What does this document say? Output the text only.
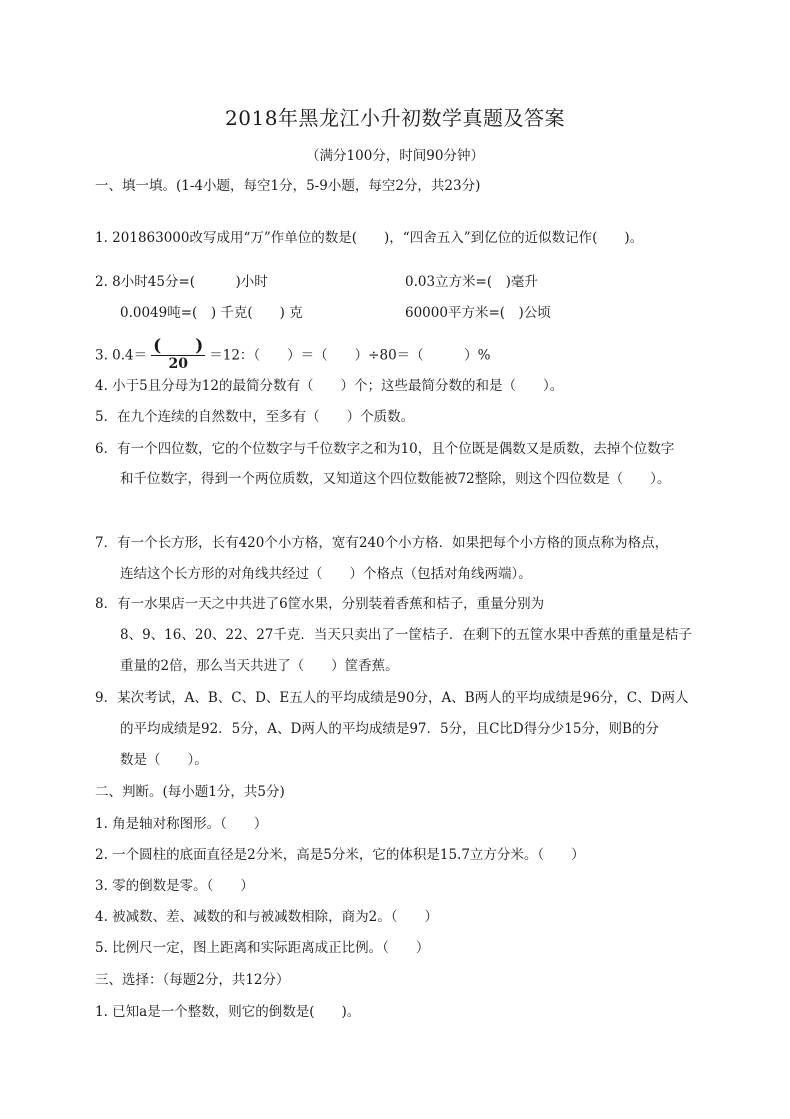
2018年黑龙江小升初数学真题及答案
（满分100分，时间90分钟）
一、填一填。(1-4小题，每空1分，5-9小题，每空2分，共23分)
1. 201863000改写成用“万”作单位的数是(　　)，“四舍五入”到亿位的近似数记作(　　)。
2. 8小时45分=(　　　)小时	0.03立方米=(　)毫升
0.0049吨=(　) 千克(　　) 克	60000平方米=(　)公顷
3. $0.4= \frac{( )}{20} =12$：（　　）＝（　　）÷80＝（　　　）%
4. 小于5且分母为12的最简分数有（　　）个；这些最简分数的和是（　　）。
5．在九个连续的自然数中，至多有（　　）个质数。
6．有一个四位数，它的个位数字与千位数字之和为10，且个位既是偶数又是质数，去掉个位数字
和千位数字，得到一个两位质数，又知道这个四位数能被72整除，则这个四位数是（　　）。
7．有一个长方形，长有420个小方格，宽有240个小方格．如果把每个小方格的顶点称为格点，
连结这个长方形的对角线共经过（　　）个格点（包括对角线两端）。
8．有一水果店一天之中共进了6筐水果，分别装着香蕉和桔子，重量分别为
8、9、16、20、22、27千克．当天只卖出了一筐桔子．在剩下的五筐水果中香蕉的重量是桔子
重量的2倍，那么当天共进了（　　）筐香蕉。
9．某次考试，A、B、C、D、E五人的平均成绩是90分，A、B两人的平均成绩是96分，C、D两人
的平均成绩是92．5分，A、D两人的平均成绩是97．5分，且C比D得分少15分，则B的分
数是（　　）。
二、判断。(每小题1分，共5分)
1. 角是轴对称图形。（　　）
2. 一个圆柱的底面直径是2分米，高是5分米，它的体积是15.7立方分米。（　　）
3. 零的倒数是零。（　　）
4. 被减数、差、减数的和与被减数相除，商为2。（　　）
5. 比例尺一定，图上距离和实际距离成正比例。（　　）
三、选择：（每题2分，共12分）
1. 已知a是一个整数，则它的倒数是(　　)。
